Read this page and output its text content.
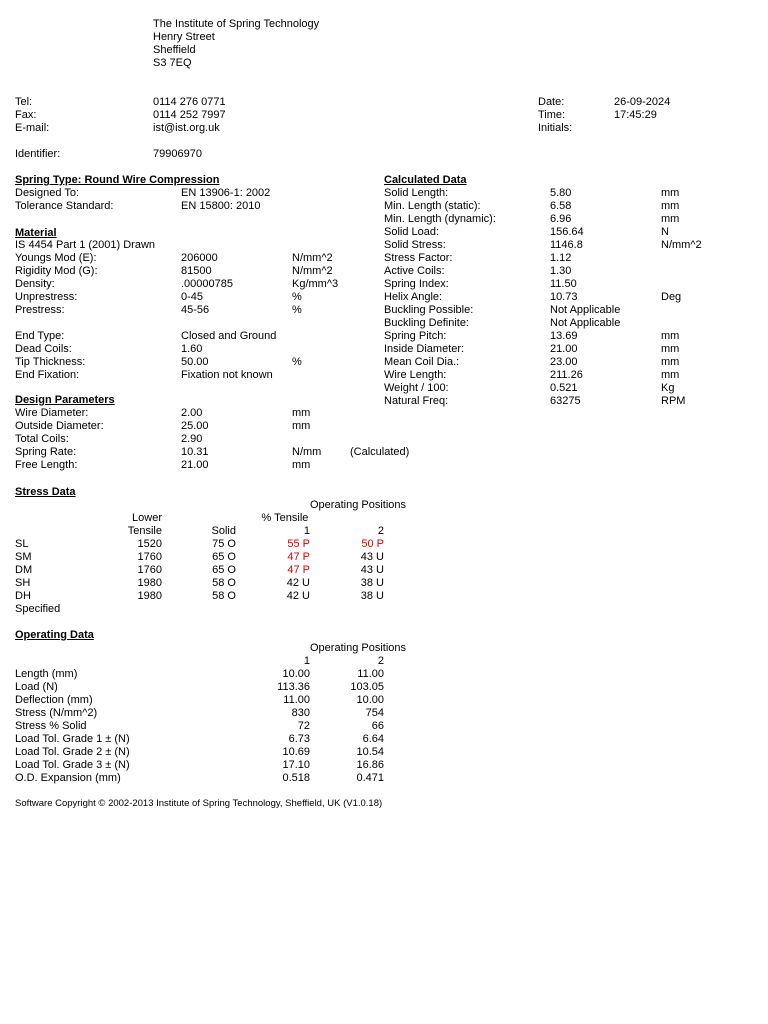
The Institute of Spring Technology
Henry Street
Sheffield
S3 7EQ
Tel:	0114 276 0771
Fax:	0114 252 7997
E-mail:	ist@ist.org.uk
Identifier:	79906970
Date:	26-09-2024
Time:	17:45:29
Initials:
Spring Type: Round Wire Compression
Designed To:	EN 13906-1: 2002
Tolerance Standard:	EN 15800: 2010
Material
IS 4454 Part 1 (2001) Drawn
Youngs Mod (E):	206000	N/mm^2
Rigidity Mod (G):	81500	N/mm^2
Density:	.00000785	Kg/mm^3
Unprestress:	0-45	%
Prestress:	45-56	%
End Type:	Closed and Ground
Dead Coils:	1.60
Tip Thickness:	50.00	%
End Fixation:	Fixation not known
Design Parameters
Wire Diameter:	2.00	mm
Outside Diameter:	25.00	mm
Total Coils:	2.90
Spring Rate:	10.31	N/mm	(Calculated)
Free Length:	21.00	mm
Calculated Data
Solid Length:	5.80	mm
Min. Length (static):	6.58	mm
Min. Length (dynamic):	6.96	mm
Solid Load:	156.64	N
Solid Stress:	1146.8	N/mm^2
Stress Factor:	1.12
Active Coils:	1.30
Spring Index:	11.50
Helix Angle:	10.73	Deg
Buckling Possible:	Not Applicable
Buckling Definite:	Not Applicable
Spring Pitch:	13.69	mm
Inside Diameter:	21.00	mm
Mean Coil Dia.:	23.00	mm
Wire Length:	211.26	mm
Weight / 100:	0.521	Kg
Natural Freq:	63275	RPM
Stress Data
Operating Positions
Lower	% Tensile
Tensile	Solid	1	2
SL	1520	75 O	55 P	50 P
SM	1760	65 O	47 P	43 U
DM	1760	65 O	47 P	43 U
SH	1980	58 O	42 U	38 U
DH	1980	58 O	42 U	38 U
Specified
Operating Data
Operating Positions
1	2
Length (mm)	10.00	11.00
Load (N)	113.36	103.05
Deflection (mm)	11.00	10.00
Stress (N/mm^2)	830	754
Stress % Solid	72	66
Load Tol. Grade 1 ± (N)	6.73	6.64
Load Tol. Grade 2 ± (N)	10.69	10.54
Load Tol. Grade 3 ± (N)	17.10	16.86
O.D. Expansion (mm)	0.518	0.471
Software Copyright © 2002-2013 Institute of Spring Technology, Sheffield, UK (V1.0.18)
